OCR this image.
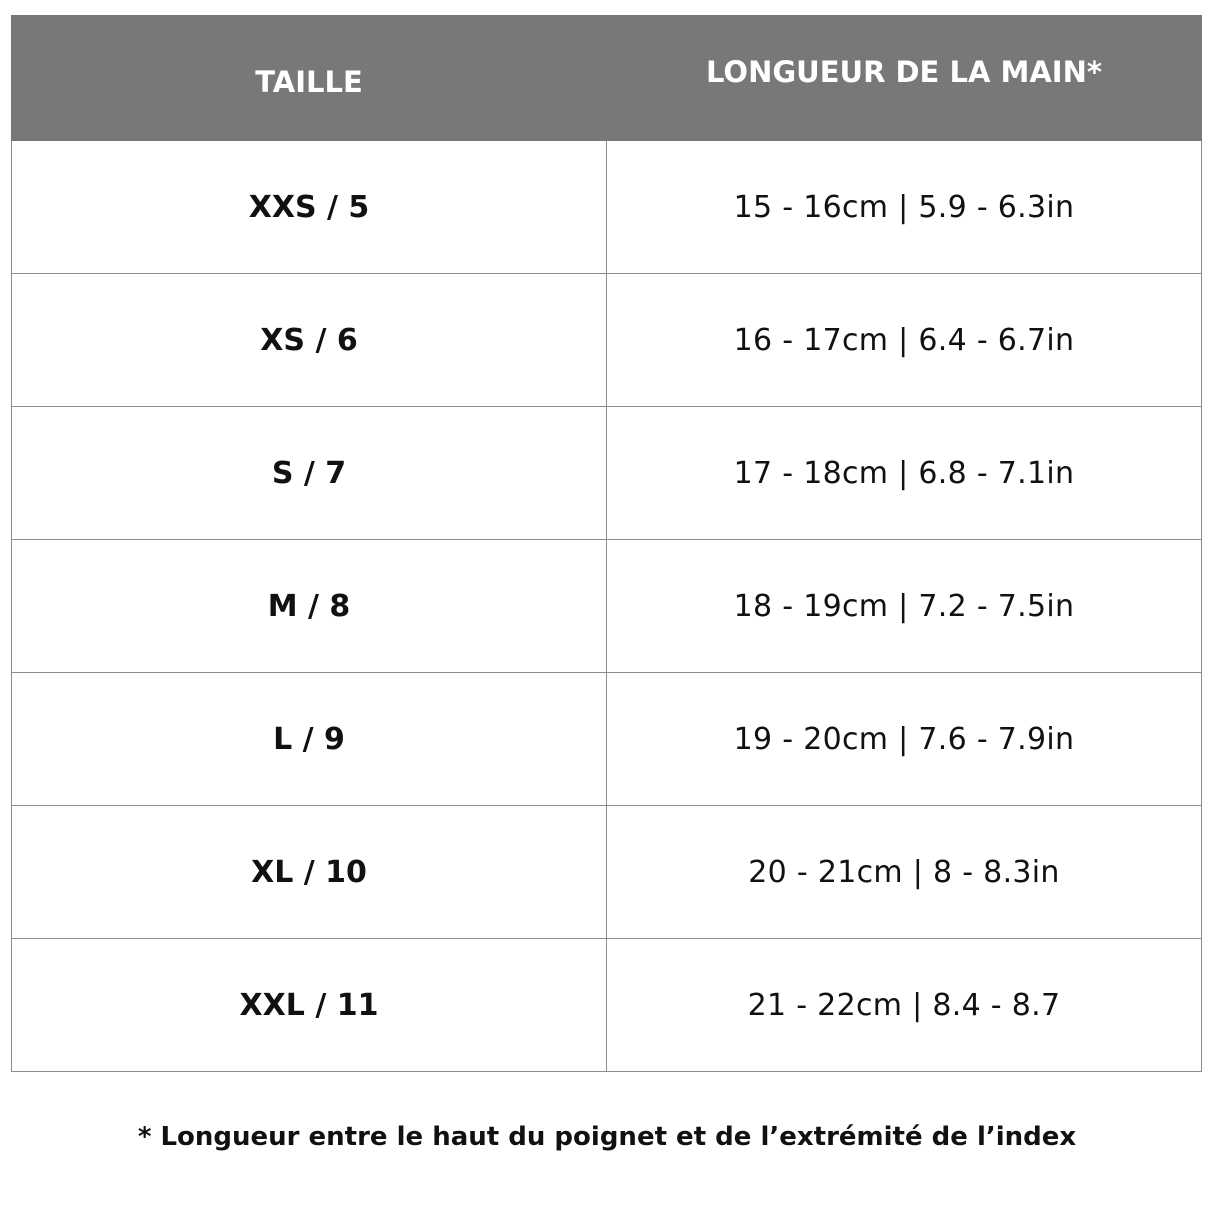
TAILLE	LONGUEUR DE LA MAIN*
XXS / 5	15 - 16cm | 5.9 - 6.3in
XS / 6	16 - 17cm | 6.4 - 6.7in
S / 7	17 - 18cm | 6.8 - 7.1in
M / 8	18 - 19cm | 7.2 - 7.5in
L / 9	19 - 20cm | 7.6 - 7.9in
XL / 10	20 - 21cm | 8 - 8.3in
XXL / 11	21 - 22cm | 8.4 - 8.7
* Longueur entre le haut du poignet et de l’extrémité de l’index
